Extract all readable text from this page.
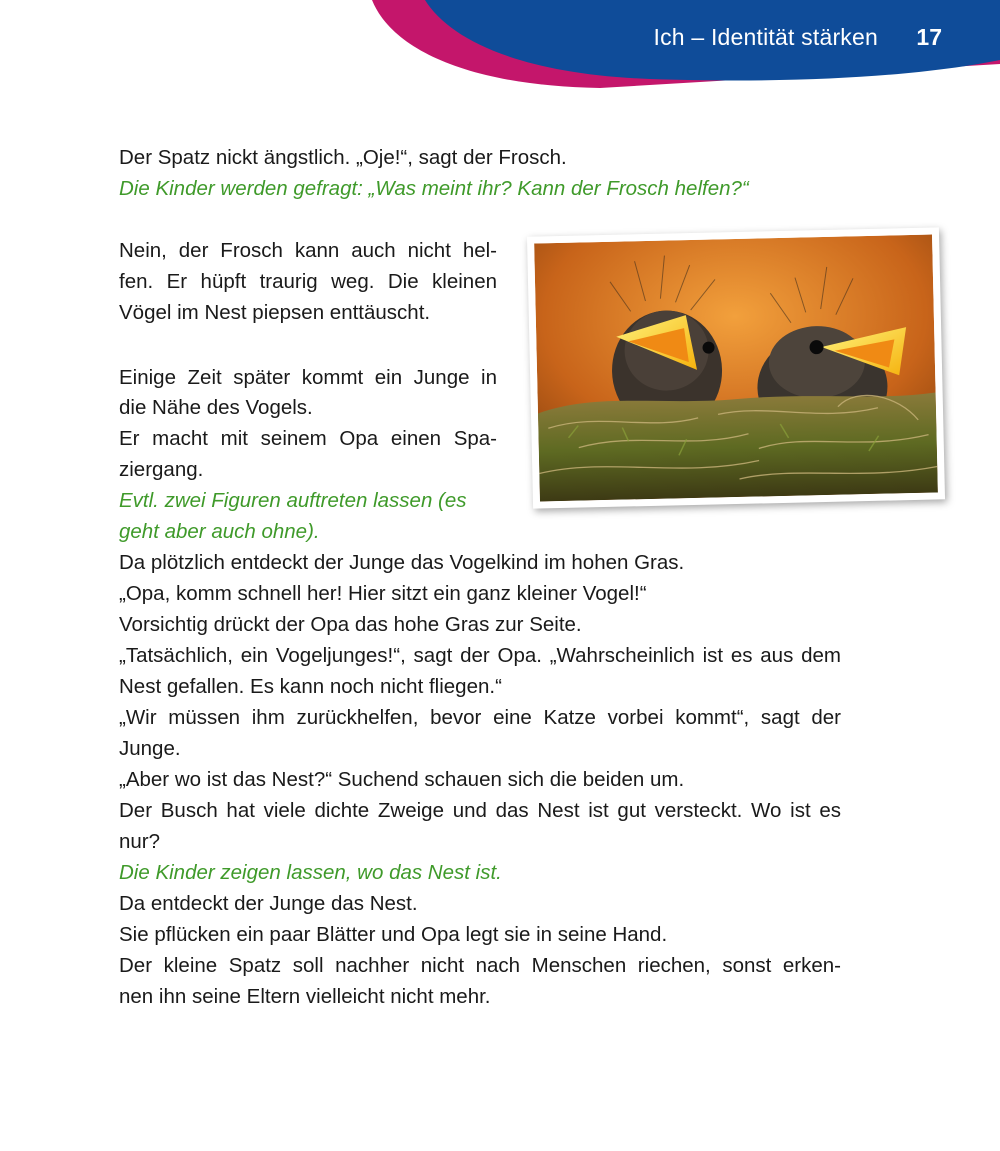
Ich – Identität stärken 17
Der Spatz nickt ängstlich. „Oje!“, sagt der Frosch.
Die Kinder werden gefragt: „Was meint ihr? Kann der Frosch helfen?“
Nein, der Frosch kann auch nicht hel-
fen. Er hüpft traurig weg. Die kleinen
Vögel im Nest piepsen enttäuscht.
Einige Zeit später kommt ein Junge in
die Nähe des Vogels.
Er macht mit seinem Opa einen Spa-
ziergang.
Evtl. zwei Figuren auftreten lassen (es
geht aber auch ohne).
Da plötzlich entdeckt der Junge das Vogelkind im hohen Gras.
„Opa, komm schnell her! Hier sitzt ein ganz kleiner Vogel!“
Vorsichtig drückt der Opa das hohe Gras zur Seite.
„Tatsächlich, ein Vogeljunges!“, sagt der Opa. „Wahrscheinlich ist es aus dem
Nest gefallen. Es kann noch nicht fliegen.“
„Wir müssen ihm zurückhelfen, bevor eine Katze vorbei kommt“, sagt der
Junge.
„Aber wo ist das Nest?“ Suchend schauen sich die beiden um.
Der Busch hat viele dichte Zweige und das Nest ist gut versteckt. Wo ist es
nur?
Die Kinder zeigen lassen, wo das Nest ist.
Da entdeckt der Junge das Nest.
Sie pflücken ein paar Blätter und Opa legt sie in seine Hand.
Der kleine Spatz soll nachher nicht nach Menschen riechen, sonst erken-
nen ihn seine Eltern vielleicht nicht mehr.
